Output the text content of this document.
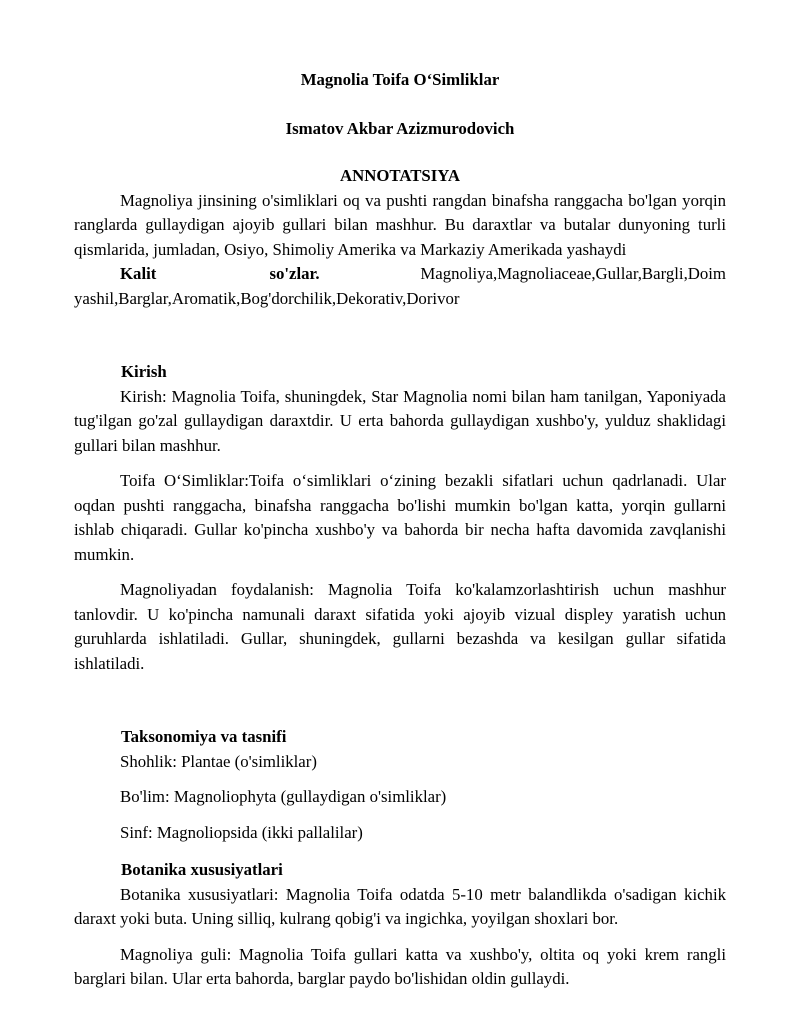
Magnolia Toifa O‘Simliklar

Ismatov Akbar Azizmurodovich

ANNOTATSIYA

Magnoliya jinsining o'simliklari oq va pushti rangdan binafsha ranggacha bo'lgan yorqin ranglarda gullaydigan ajoyib gullari bilan mashhur. Bu daraxtlar va butalar dunyoning turli qismlarida, jumladan, Osiyo, Shimoliy Amerika va Markaziy Amerikada yashaydi

Kalit so'zlar.      	Magnoliya,Magnoliaceae,Gullar,Bargli,Doim yashil,Barglar,Aromatik,Bog'dorchilik,Dekorativ,Dorivor

Kirish

Kirish: Magnolia Toifa, shuningdek, Star Magnolia nomi bilan ham tanilgan, Yaponiyada tug'ilgan go'zal gullaydigan daraxtdir. U erta bahorda gullaydigan xushbo'y, yulduz shaklidagi gullari bilan mashhur.

Toifa O‘Simliklar:Toifa o‘simliklari o‘zining bezakli sifatlari uchun qadrlanadi. Ular oqdan pushti ranggacha, binafsha ranggacha bo'lishi mumkin bo'lgan katta, yorqin gullarni ishlab chiqaradi. Gullar ko'pincha xushbo'y va bahorda bir necha hafta davomida zavqlanishi mumkin.

Magnoliyadan foydalanish: Magnolia Toifa ko'kalamzorlashtirish uchun mashhur tanlovdir. U ko'pincha namunali daraxt sifatida yoki ajoyib vizual displey yaratish uchun guruhlarda ishlatiladi. Gullar, shuningdek, gullarni bezashda va kesilgan gullar sifatida ishlatiladi.

Taksonomiya va tasnifi

Shohlik: Plantae (o'simliklar)

Bo'lim: Magnoliophyta (gullaydigan o'simliklar)

Sinf: Magnoliopsida (ikki pallalilar)

Botanika xususiyatlari

Botanika xususiyatlari: Magnolia Toifa odatda 5-10 metr balandlikda o'sadigan kichik daraxt yoki buta. Uning silliq, kulrang qobig'i va ingichka, yoyilgan shoxlari bor.

Magnoliya guli: Magnolia Toifa gullari katta va xushbo'y, oltita oq yoki krem rangli barglari bilan. Ular erta bahorda, barglar paydo bo'lishidan oldin gullaydi.
